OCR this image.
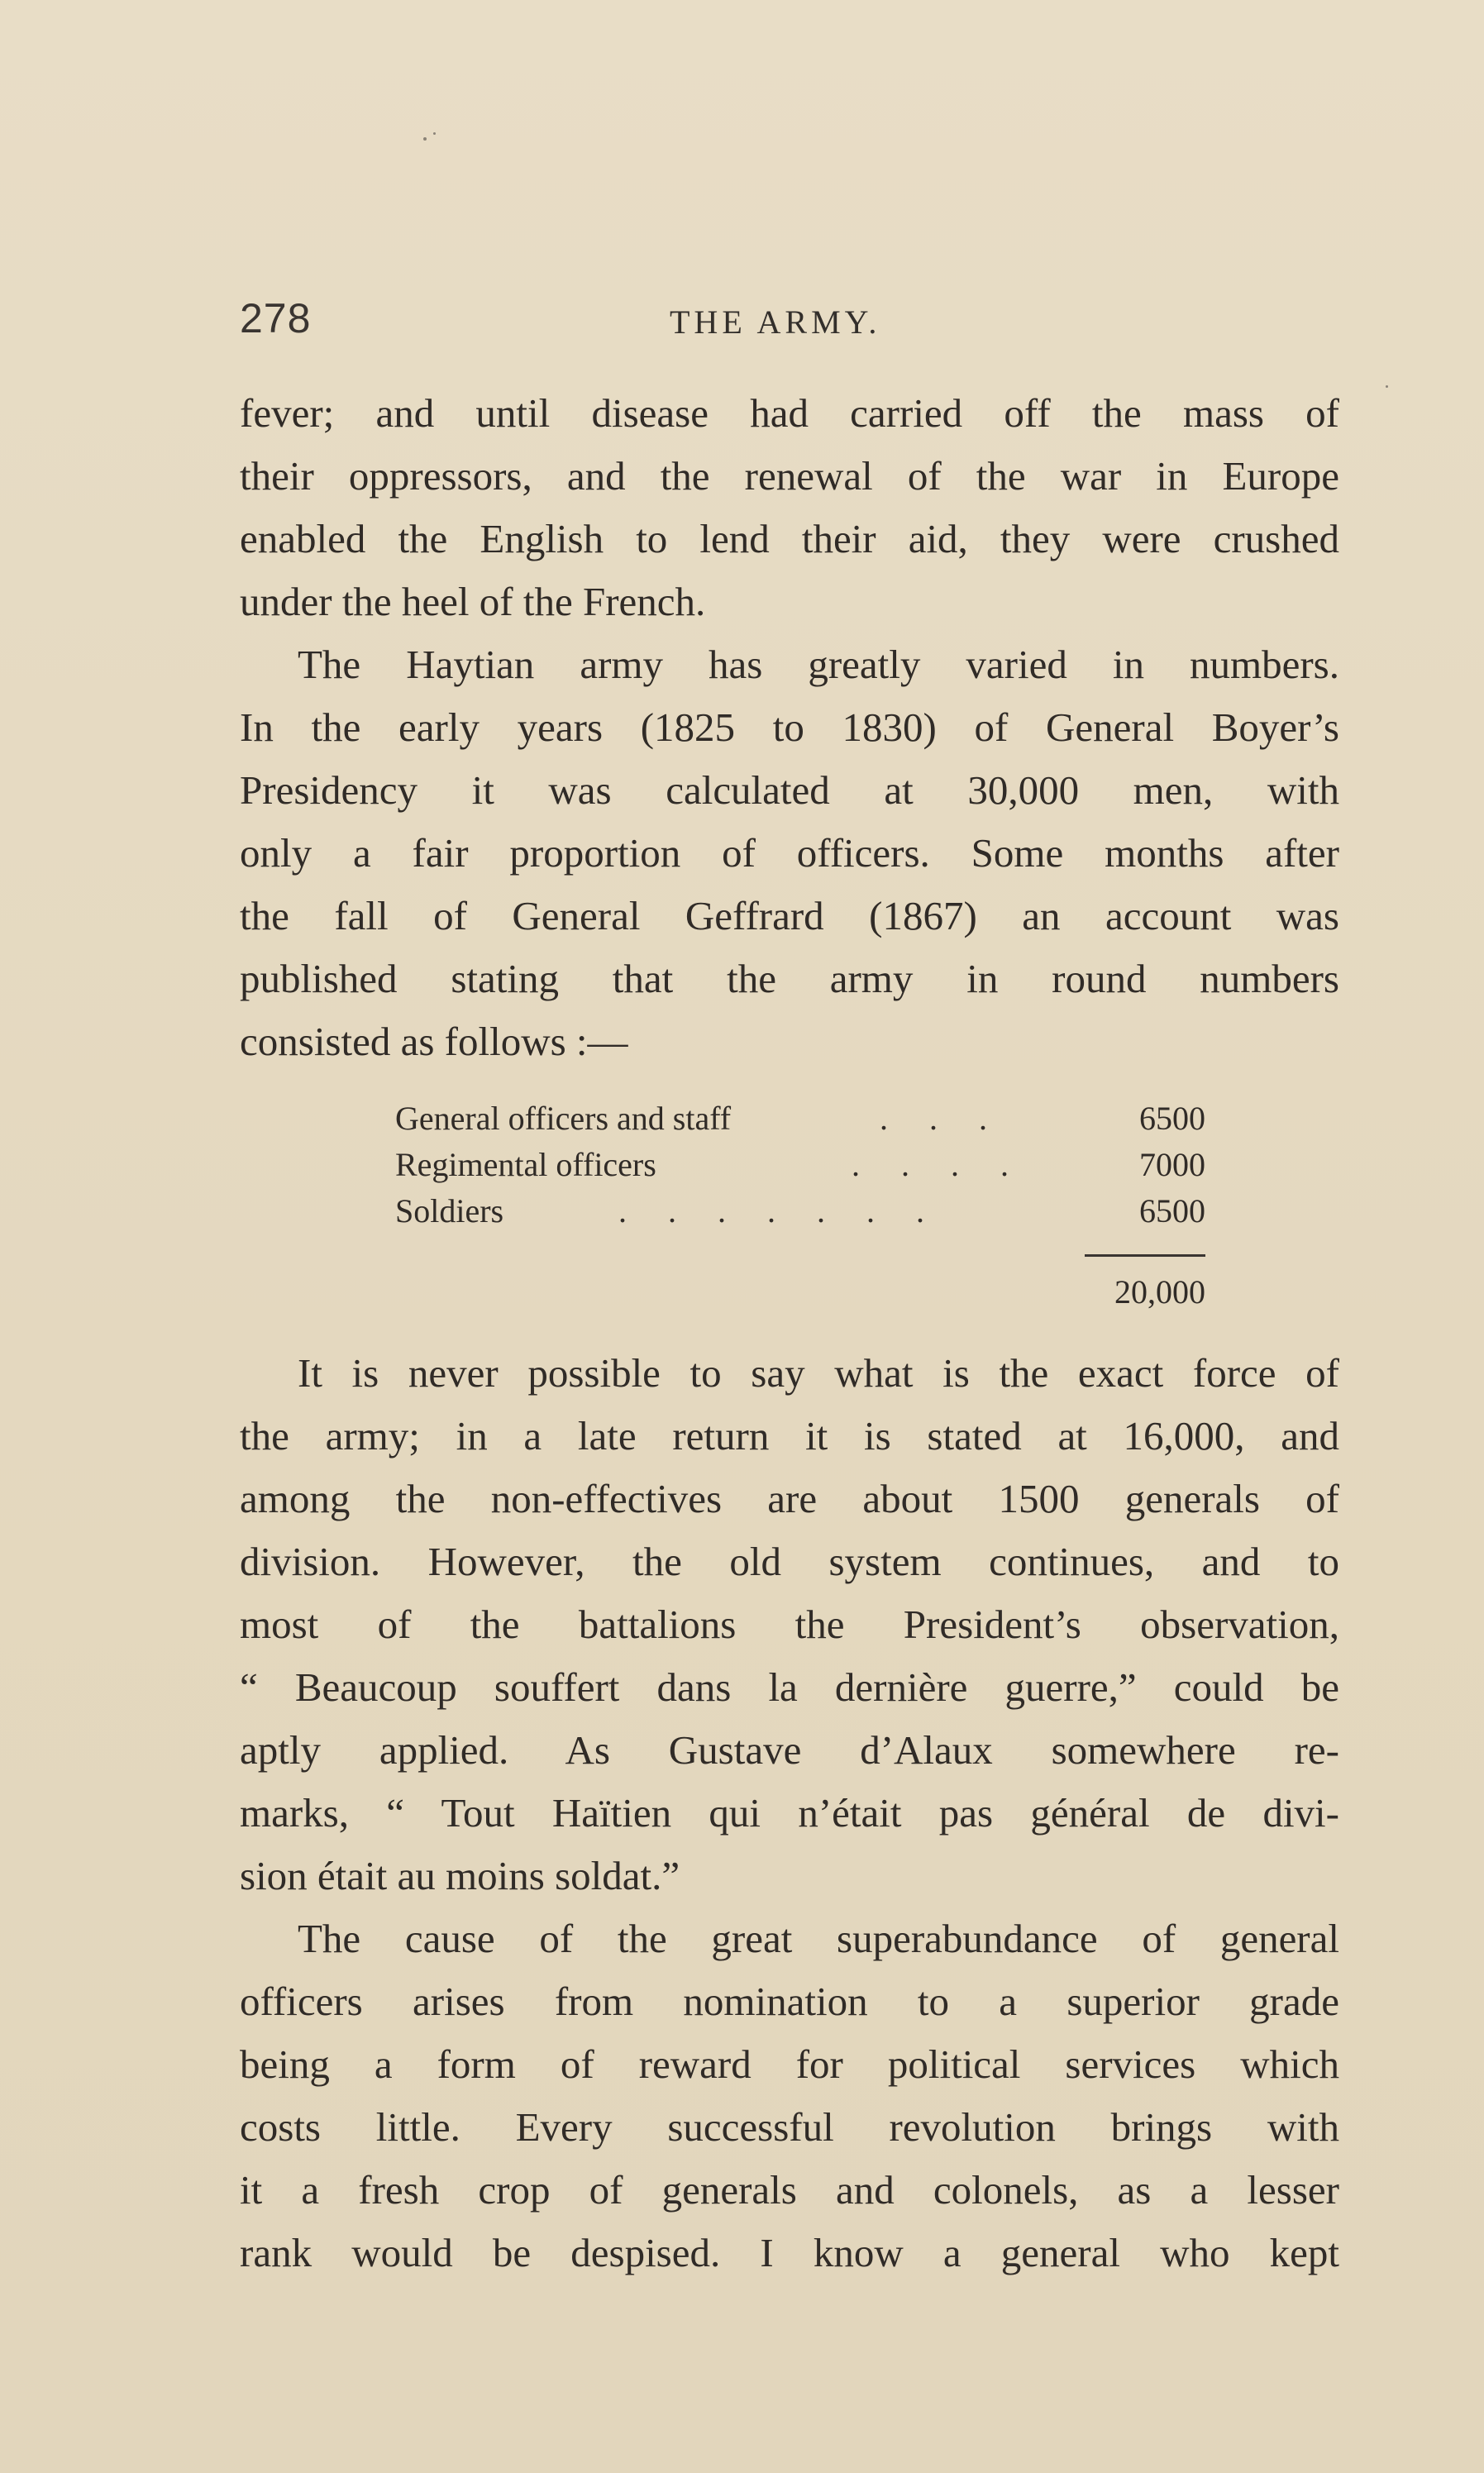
278	THE ARMY.
fever; and until disease had carried off the mass of
their oppressors, and the renewal of the war in Europe
enabled the English to lend their aid, they were crushed
under the heel of the French.
The Haytian army has greatly varied in numbers.
In the early years (1825 to 1830) of General Boyer’s
Presidency it was calculated at 30,000 men, with
only a fair proportion of officers. Some months after
the fall of General Geffrard (1867) an account was
published stating that the army in round numbers
consisted as follows :—
General officers and staff	.     .     .	6500
Regimental officers	.     .     .     .	7000
Soldiers	.     .     .     .     .     .     .	6500
20,000
It is never possible to say what is the exact force of
the army; in a late return it is stated at 16,000, and
among the non-effectives are about 1500 generals of
division. However, the old system continues, and to
most of the battalions the President’s observation,
“ Beaucoup souffert dans la dernière guerre,” could be
aptly applied. As Gustave d’Alaux somewhere re-
marks, “ Tout Haïtien qui n’était pas général de divi-
sion était au moins soldat.”
The cause of the great superabundance of general
officers arises from nomination to a superior grade
being a form of reward for political services which
costs little. Every successful revolution brings with
it a fresh crop of generals and colonels, as a lesser
rank would be despised. I know a general who kept
